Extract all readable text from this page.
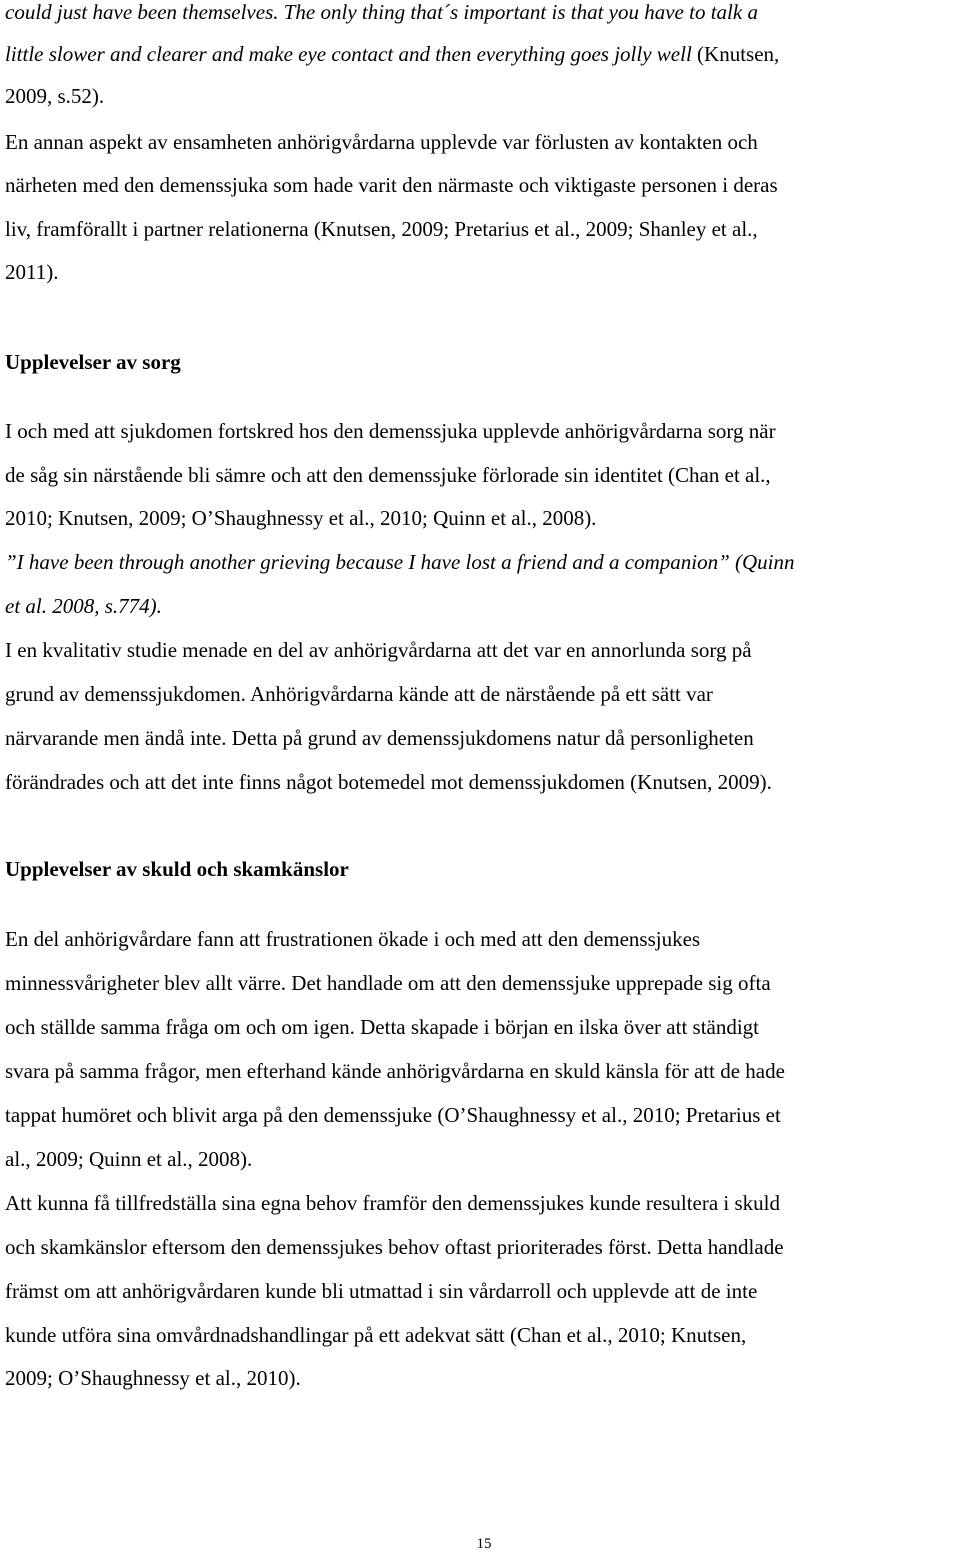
could just have been themselves. The only thing that´s important is that you have to talk a
little slower and clearer and make eye contact and then everything goes jolly well (Knutsen,
2009, s.52).
En annan aspekt av ensamheten anhörigvårdarna upplevde var förlusten av kontakten och
närheten med den demenssjuka som hade varit den närmaste och viktigaste personen i deras
liv, framförallt i partner relationerna (Knutsen, 2009; Pretarius et al., 2009; Shanley et al.,
2011).
Upplevelser av sorg
I och med att sjukdomen fortskred hos den demenssjuka upplevde anhörigvårdarna sorg när
de såg sin närstående bli sämre och att den demenssjuke förlorade sin identitet (Chan et al.,
2010; Knutsen, 2009; O’Shaughnessy et al., 2010; Quinn et al., 2008).
”I have been through another grieving because I have lost a friend and a companion” (Quinn
et al. 2008, s.774).
I en kvalitativ studie menade en del av anhörigvårdarna att det var en annorlunda sorg på
grund av demenssjukdomen. Anhörigvårdarna kände att de närstående på ett sätt var
närvarande men ändå inte. Detta på grund av demenssjukdomens natur då personligheten
förändrades och att det inte finns något botemedel mot demenssjukdomen (Knutsen, 2009).
Upplevelser av skuld och skamkänslor
En del anhörigvårdare fann att frustrationen ökade i och med att den demenssjukes
minnessvårigheter blev allt värre. Det handlade om att den demenssjuke upprepade sig ofta
och ställde samma fråga om och om igen. Detta skapade i början en ilska över att ständigt
svara på samma frågor, men efterhand kände anhörigvårdarna en skuld känsla för att de hade
tappat humöret och blivit arga på den demenssjuke (O’Shaughnessy et al., 2010; Pretarius et
al., 2009; Quinn et al., 2008).
Att kunna få tillfredställa sina egna behov framför den demenssjukes kunde resultera i skuld
och skamkänslor eftersom den demenssjukes behov oftast prioriterades först. Detta handlade
främst om att anhörigvårdaren kunde bli utmattad i sin vårdarroll och upplevde att de inte
kunde utföra sina omvårdnadshandlingar på ett adekvat sätt (Chan et al., 2010; Knutsen,
2009; O’Shaughnessy et al., 2010).
15
